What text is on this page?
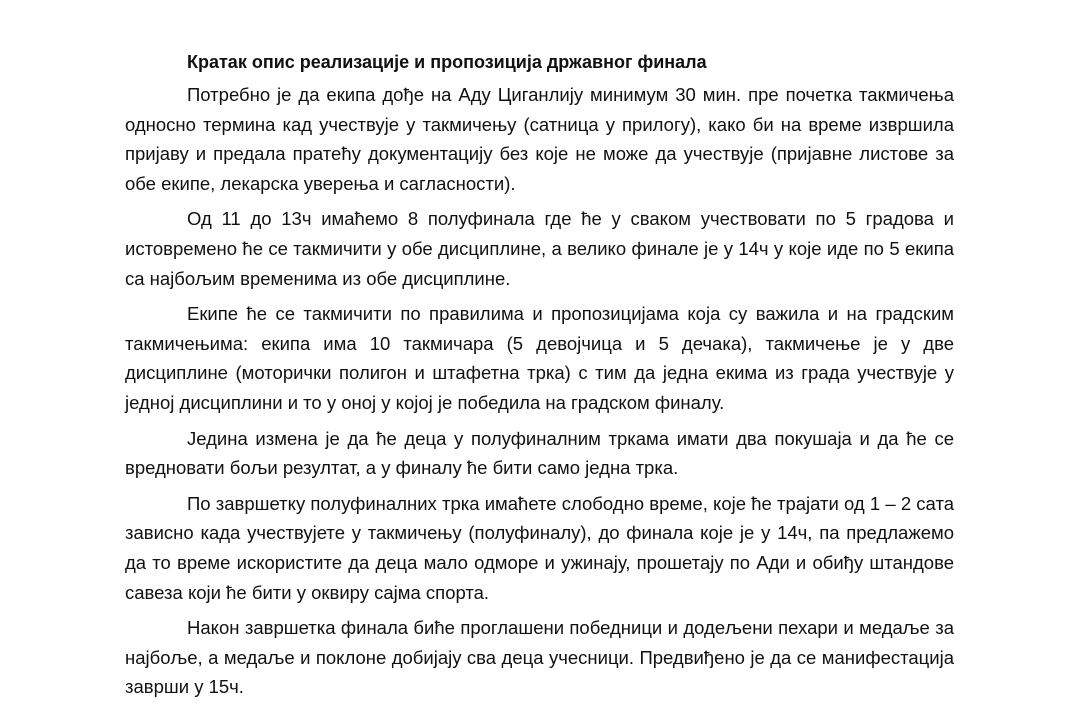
Кратак опис реализације и пропозиција државног финала

Потребно је да екипа дође на Аду Циганлију минимум 30 мин. пре почетка такмичења односно термина кад учествује у такмичењу (сатница у прилогу), како би на време извршила пријаву и предала пратећу документацију без које не може да учествује (пријавне листове за обе екипе, лекарска уверења и сагласности).

Од 11 до 13ч имаћемо 8 полуфинала где ће у сваком учествовати по 5 градова и истовремено ће се такмичити у обе дисциплине, а велико финале је у 14ч у које иде по 5 екипа са најбољим временима из обе дисциплине.

Екипе ће се такмичити по правилима и пропозицијама која су важила и на градским такмичењима: екипа има 10 такмичара (5 девојчица и 5 дечака), такмичење је у две дисциплине (моторички полигон и штафетна трка) с тим да једна екима из града учествује у једној дисциплини и то у оној у којој је победила на градском финалу.

Једина измена је да ће деца у полуфиналним тркама имати два покушаја и да ће се вредновати бољи резултат, а у финалу ће бити само једна трка.

По завршетку полуфиналних трка имаћете слободно време, које ће трајати од 1 – 2 сата зависно када учествујете у такмичењу (полуфиналу), до финала које је у 14ч, па предлажемо да то време искористите да деца мало одморе и ужинају, прошетају по Ади и обиђу штандове савеза који ће бити у оквиру сајма спорта.

Након завршетка финала биће проглашени победници и додељени пехари и медаље за најбоље, а медаље и поклоне добијају сва деца учесници. Предвиђено је да се манифестација заврши у 15ч.
